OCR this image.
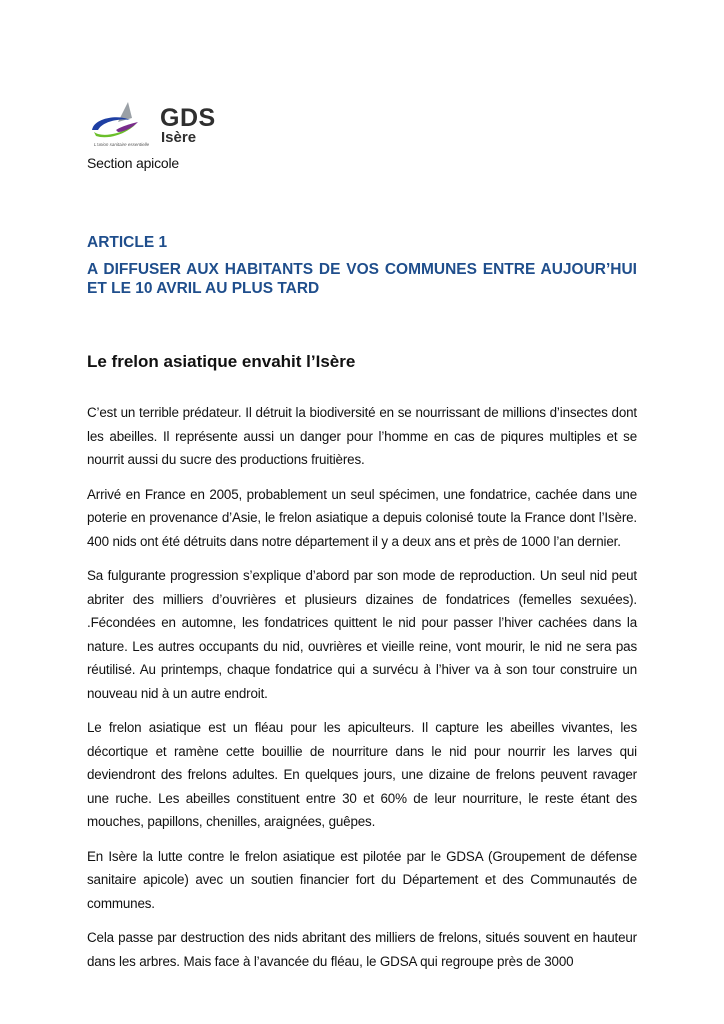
L'union sanitaire essentielle
GDS
Isère
Section apicole
ARTICLE 1
A DIFFUSER AUX HABITANTS DE VOS COMMUNES ENTRE AUJOUR’HUI ET LE 10 AVRIL AU PLUS TARD
Le frelon asiatique envahit l’Isère

C’est un terrible prédateur. Il détruit la biodiversité en se nourrissant de millions d’insectes dont les abeilles. Il représente aussi un danger pour l’homme en cas de piqures multiples et se nourrit aussi du sucre des productions fruitières.

Arrivé en France en 2005, probablement un seul spécimen, une fondatrice, cachée dans une poterie en provenance d’Asie, le frelon asiatique a depuis colonisé toute la France dont l’Isère. 400 nids ont été détruits dans notre département il y a deux ans et près de 1000 l’an dernier.

Sa fulgurante progression s’explique d’abord par son mode de reproduction. Un seul nid peut abriter des milliers d’ouvrières et plusieurs dizaines de fondatrices (femelles sexuées). .Fécondées en automne, les fondatrices quittent le nid pour passer l’hiver cachées dans la nature. Les autres occupants du nid, ouvrières et vieille reine, vont mourir, le nid ne sera pas réutilisé. Au printemps, chaque fondatrice qui a survécu à l’hiver va à son tour construire un nouveau nid à un autre endroit.

Le frelon asiatique est un fléau pour les apiculteurs. Il capture les abeilles vivantes, les décortique et ramène cette bouillie de nourriture dans le nid pour nourrir les larves qui deviendront des frelons adultes. En quelques jours, une dizaine de frelons peuvent ravager une ruche. Les abeilles constituent entre 30 et 60% de leur nourriture, le reste étant des mouches, papillons, chenilles, araignées, guêpes.

En Isère la lutte contre le frelon asiatique est pilotée par le GDSA (Groupement de défense sanitaire apicole) avec un soutien financier fort du Département et des Communautés de communes.

Cela passe par destruction des nids abritant des milliers de frelons, situés souvent en hauteur dans les arbres. Mais face à l’avancée du fléau, le GDSA qui regroupe près de 3000
